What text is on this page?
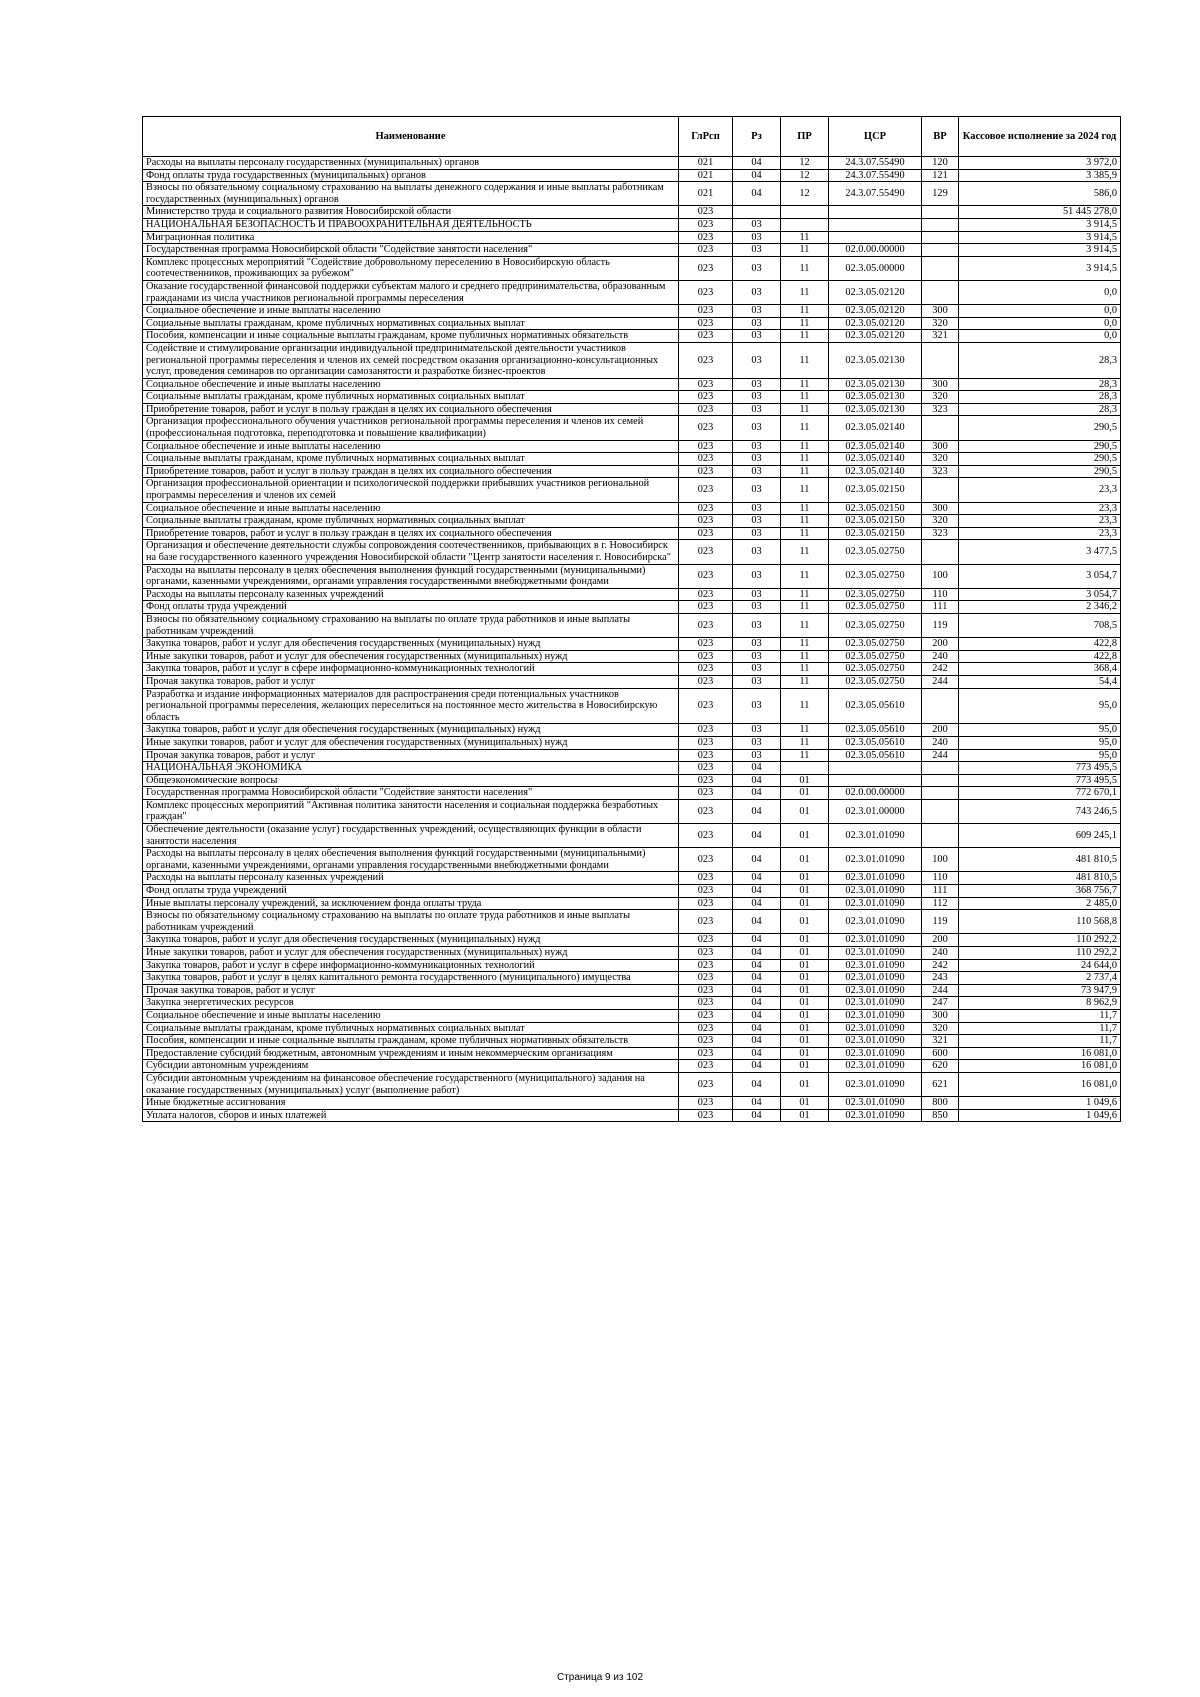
Наименование	ГлРсп	Рз	ПР	ЦСР	ВР	Кассовое исполнение за 2024 год
Расходы на выплаты персоналу государственных (муниципальных) органов	021	04	12	24.3.07.55490	120	3 972,0
Фонд оплаты труда государственных (муниципальных) органов	021	04	12	24.3.07.55490	121	3 385,9
Взносы по обязательному социальному страхованию на выплаты денежного содержания и иные выплаты работникам государственных (муниципальных) органов	021	04	12	24.3.07.55490	129	586,0
Министерство труда и социального развития Новосибирской области	023					51 445 278,0
НАЦИОНАЛЬНАЯ БЕЗОПАСНОСТЬ И ПРАВООХРАНИТЕЛЬНАЯ ДЕЯТЕЛЬНОСТЬ	023	03				3 914,5
Миграционная политика	023	03	11			3 914,5
Государственная программа Новосибирской области "Содействие занятости населения"	023	03	11	02.0.00.00000		3 914,5
Комплекс процессных мероприятий "Содействие добровольному переселению в Новосибирскую область соотечественников, проживающих за рубежом"	023	03	11	02.3.05.00000		3 914,5
Оказание государственной финансовой поддержки субъектам малого и среднего предпринимательства, образованным гражданами из числа участников региональной программы переселения	023	03	11	02.3.05.02120		0,0
Социальное обеспечение и иные выплаты населению	023	03	11	02.3.05.02120	300	0,0
Социальные выплаты гражданам, кроме публичных нормативных социальных выплат	023	03	11	02.3.05.02120	320	0,0
Пособия, компенсации и иные социальные выплаты гражданам, кроме публичных нормативных обязательств	023	03	11	02.3.05.02120	321	0,0
Содействие и стимулирование организации индивидуальной предпринимательской деятельности участников региональной программы переселения и членов их семей посредством оказания организационно-консультационных услуг, проведения семинаров по организации самозанятости и разработке бизнес-проектов	023	03	11	02.3.05.02130		28,3
Социальное обеспечение и иные выплаты населению	023	03	11	02.3.05.02130	300	28,3
Социальные выплаты гражданам, кроме публичных нормативных социальных выплат	023	03	11	02.3.05.02130	320	28,3
Приобретение товаров, работ и услуг в пользу граждан в целях их социального обеспечения	023	03	11	02.3.05.02130	323	28,3
Организация профессионального обучения участников региональной программы переселения и членов их семей (профессиональная подготовка, переподготовка и повышение квалификации)	023	03	11	02.3.05.02140		290,5
Социальное обеспечение и иные выплаты населению	023	03	11	02.3.05.02140	300	290,5
Социальные выплаты гражданам, кроме публичных нормативных социальных выплат	023	03	11	02.3.05.02140	320	290,5
Приобретение товаров, работ и услуг в пользу граждан в целях их социального обеспечения	023	03	11	02.3.05.02140	323	290,5
Организация профессиональной ориентации и психологической поддержки прибывших участников региональной программы переселения и членов их семей	023	03	11	02.3.05.02150		23,3
Социальное обеспечение и иные выплаты населению	023	03	11	02.3.05.02150	300	23,3
Социальные выплаты гражданам, кроме публичных нормативных социальных выплат	023	03	11	02.3.05.02150	320	23,3
Приобретение товаров, работ и услуг в пользу граждан в целях их социального обеспечения	023	03	11	02.3.05.02150	323	23,3
Организация и обеспечение деятельности службы сопровождения соотечественников, прибывающих в г. Новосибирск на базе государственного казенного учреждения Новосибирской области "Центр занятости населения г. Новосибирска"	023	03	11	02.3.05.02750		3 477,5
Расходы на выплаты персоналу в целях обеспечения выполнения функций государственными (муниципальными) органами, казенными учреждениями, органами управления государственными внебюджетными фондами	023	03	11	02.3.05.02750	100	3 054,7
Расходы на выплаты персоналу казенных учреждений	023	03	11	02.3.05.02750	110	3 054,7
Фонд оплаты труда учреждений	023	03	11	02.3.05.02750	111	2 346,2
Взносы по обязательному социальному страхованию на выплаты по оплате труда работников и иные выплаты работникам учреждений	023	03	11	02.3.05.02750	119	708,5
Закупка товаров, работ и услуг для обеспечения государственных (муниципальных) нужд	023	03	11	02.3.05.02750	200	422,8
Иные закупки товаров, работ и услуг для обеспечения государственных (муниципальных) нужд	023	03	11	02.3.05.02750	240	422,8
Закупка товаров, работ и услуг в сфере информационно-коммуникационных технологий	023	03	11	02.3.05.02750	242	368,4
Прочая закупка товаров, работ и услуг	023	03	11	02.3.05.02750	244	54,4
Разработка и издание информационных материалов для распространения среди потенциальных участников региональной программы переселения, желающих переселиться на постоянное место жительства в Новосибирскую область	023	03	11	02.3.05.05610		95,0
Закупка товаров, работ и услуг для обеспечения государственных (муниципальных) нужд	023	03	11	02.3.05.05610	200	95,0
Иные закупки товаров, работ и услуг для обеспечения государственных (муниципальных) нужд	023	03	11	02.3.05.05610	240	95,0
Прочая закупка товаров, работ и услуг	023	03	11	02.3.05.05610	244	95,0
НАЦИОНАЛЬНАЯ ЭКОНОМИКА	023	04				773 495,5
Общеэкономические вопросы	023	04	01			773 495,5
Государственная программа Новосибирской области "Содействие занятости населения"	023	04	01	02.0.00.00000		772 670,1
Комплекс процессных мероприятий "Активная политика занятости населения и социальная поддержка безработных граждан"	023	04	01	02.3.01.00000		743 246,5
Обеспечение деятельности (оказание услуг) государственных учреждений, осуществляющих функции в области занятости населения	023	04	01	02.3.01.01090		609 245,1
Расходы на выплаты персоналу в целях обеспечения выполнения функций государственными (муниципальными) органами, казенными учреждениями, органами управления государственными внебюджетными фондами	023	04	01	02.3.01.01090	100	481 810,5
Расходы на выплаты персоналу казенных учреждений	023	04	01	02.3.01.01090	110	481 810,5
Фонд оплаты труда учреждений	023	04	01	02.3.01.01090	111	368 756,7
Иные выплаты персоналу учреждений, за исключением фонда оплаты труда	023	04	01	02.3.01.01090	112	2 485,0
Взносы по обязательному социальному страхованию на выплаты по оплате труда работников и иные выплаты работникам учреждений	023	04	01	02.3.01.01090	119	110 568,8
Закупка товаров, работ и услуг для обеспечения государственных (муниципальных) нужд	023	04	01	02.3.01.01090	200	110 292,2
Иные закупки товаров, работ и услуг для обеспечения государственных (муниципальных) нужд	023	04	01	02.3.01.01090	240	110 292,2
Закупка товаров, работ и услуг в сфере информационно-коммуникационных технологий	023	04	01	02.3.01.01090	242	24 644,0
Закупка товаров, работ и услуг в целях капитального ремонта государственного (муниципального) имущества	023	04	01	02.3.01.01090	243	2 737,4
Прочая закупка товаров, работ и услуг	023	04	01	02.3.01.01090	244	73 947,9
Закупка энергетических ресурсов	023	04	01	02.3.01.01090	247	8 962,9
Социальное обеспечение и иные выплаты населению	023	04	01	02.3.01.01090	300	11,7
Социальные выплаты гражданам, кроме публичных нормативных социальных выплат	023	04	01	02.3.01.01090	320	11,7
Пособия, компенсации и иные социальные выплаты гражданам, кроме публичных нормативных обязательств	023	04	01	02.3.01.01090	321	11,7
Предоставление субсидий бюджетным, автономным учреждениям и иным некоммерческим организациям	023	04	01	02.3.01.01090	600	16 081,0
Субсидии автономным учреждениям	023	04	01	02.3.01.01090	620	16 081,0
Субсидии автономным учреждениям на финансовое обеспечение государственного (муниципального) задания на оказание государственных (муниципальных) услуг (выполнение работ)	023	04	01	02.3.01.01090	621	16 081,0
Иные бюджетные ассигнования	023	04	01	02.3.01.01090	800	1 049,6
Уплата налогов, сборов и иных платежей	023	04	01	02.3.01.01090	850	1 049,6
Страница 9 из 102
